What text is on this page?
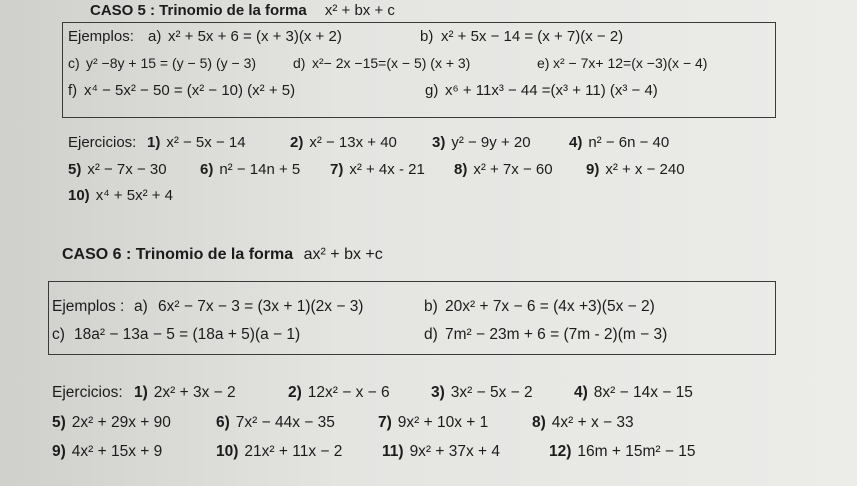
CASO 5 : Trinomio de la forma x² + bx + c
Ejemplos: a) x² + 5x + 6 = (x + 3)(x + 2)	b) x² + 5x − 14 = (x + 7)(x − 2)
c) y² −8y + 15 = (y − 5) (y − 3)	d) x²− 2x −15=(x − 5) (x + 3)	e) x² − 7x+ 12=(x −3)(x − 4)
f) x⁴ − 5x² − 50 = (x² − 10) (x² + 5)	g) x⁶ + 11x³ − 44 =(x³ + 11) (x³ − 4)
Ejercicios: 1) x² − 5x − 14	2) x² − 13x + 40 3) y² − 9y + 20	4) n² − 6n − 40
5) x² − 7x − 30 6) n² − 14n + 5 7) x² + 4x - 21 8) x² + 7x − 60 9) x² + x − 240
10) x⁴ + 5x² + 4
CASO 6 : Trinomio de la forma ax² + bx +c
Ejemplos : a) 6x² − 7x − 3 = (3x + 1)(2x − 3)	b) 20x² + 7x − 6 = (4x +3)(5x − 2)
c) 18a² − 13a − 5 = (18a + 5)(a − 1)	d) 7m² − 23m + 6 = (7m - 2)(m − 3)
Ejercicios: 1) 2x² + 3x − 2	2) 12x² − x − 6	3) 3x² − 5x − 2	4) 8x² − 14x − 15
5) 2x² + 29x + 90	6) 7x² − 44x − 35	7) 9x² + 10x + 1	8) 4x² + x − 33
9) 4x² + 15x + 9	10) 21x² + 11x − 2	11) 9x² + 37x + 4	12) 16m + 15m² − 15
